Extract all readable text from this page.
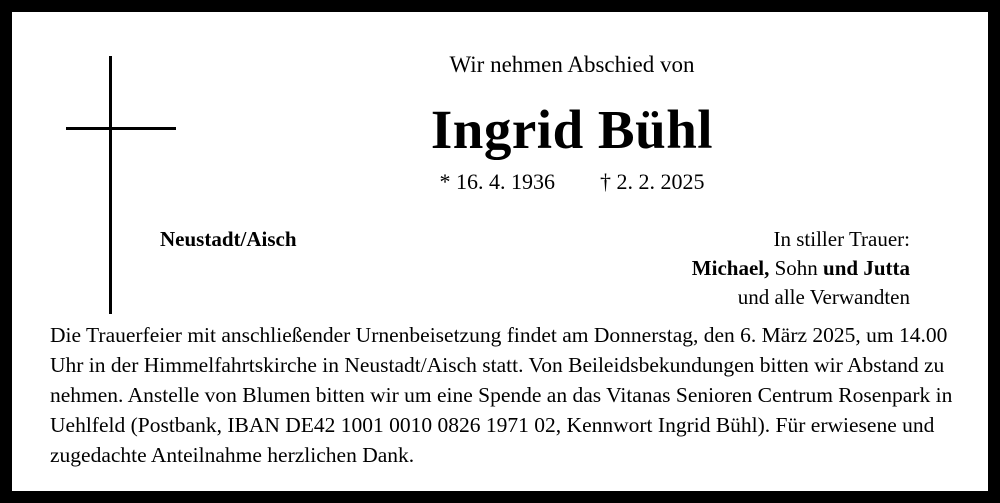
Wir nehmen Abschied von
Ingrid Bühl
* 16. 4. 1936 † 2. 2. 2025
Neustadt/Aisch	In stiller Trauer:
Michael, Sohn und Jutta
und alle Verwandten
Die Trauerfeier mit anschließender Urnenbeisetzung findet am Donnerstag, den 6. März 2025, um 14.00 Uhr in der Himmelfahrtskirche in Neustadt/Aisch statt. Von Beileidsbekundungen bitten wir Abstand zu nehmen. Anstelle von Blumen bitten wir um eine Spende an das Vitanas Senioren Centrum Rosenpark in Uehlfeld (Postbank, IBAN DE42 1001 0010 0826 1971 02, Kennwort Ingrid Bühl). Für erwiesene und zugedachte Anteilnahme herzlichen Dank.
